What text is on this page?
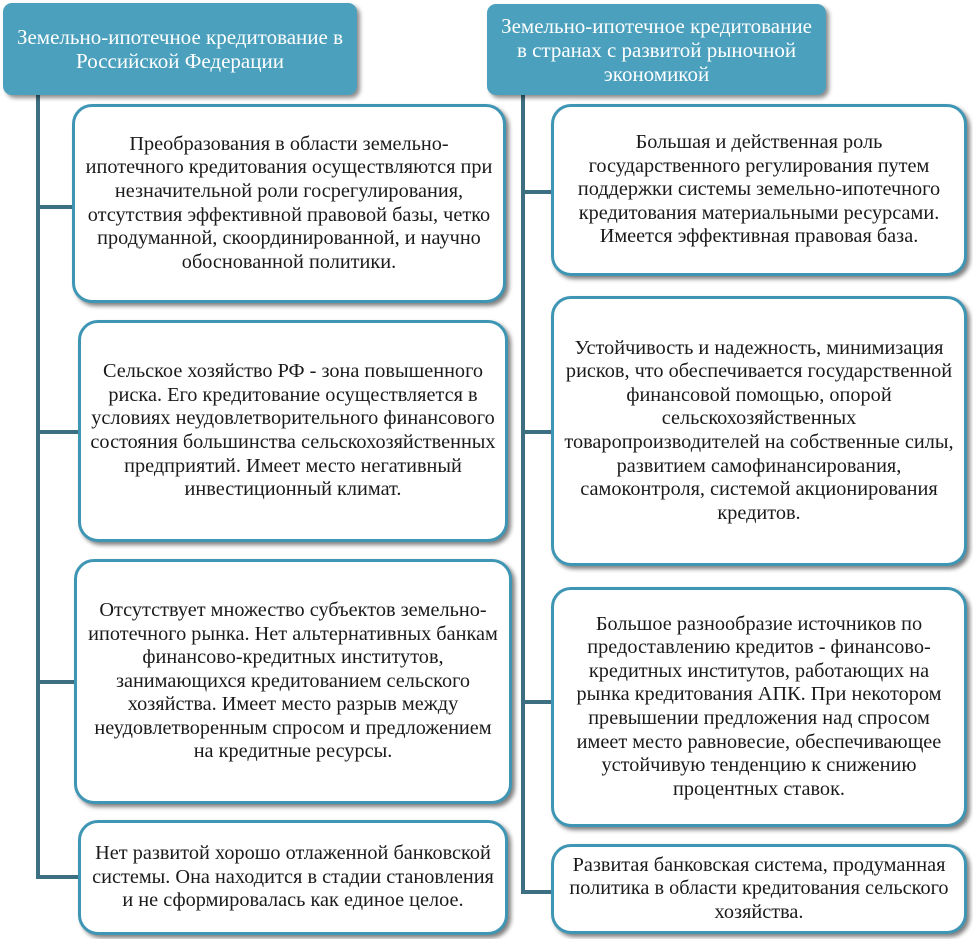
Земельно-ипотечное кредитование в Российской Федерации
Земельно-ипотечное кредитование в странах с развитой рыночной экономикой
Преобразования в области земельно-ипотечного кредитования осуществляются при незначительной роли госрегулирования, отсутствия эффективной правовой базы, четко продуманной, скоординированной, и научно обоснованной политики.
Сельское хозяйство РФ - зона повышенного риска. Его кредитование осуществляется в условиях неудовлетворительного финансового состояния большинства сельскохозяйственных предприятий. Имеет место негативный инвестиционный климат.
Отсутствует множество субъектов земельно-ипотечного рынка. Нет альтернативных банкам финансово-кредитных институтов, занимающихся кредитованием сельского хозяйства. Имеет место разрыв между неудовлетворенным спросом и предложением на кредитные ресурсы.
Нет развитой хорошо отлаженной банковской системы. Она находится в стадии становления и не сформировалась как единое целое.
Большая и действенная роль государственного регулирования путем поддержки системы земельно-ипотечного кредитования материальными ресурсами. Имеется эффективная правовая база.
Устойчивость и надежность, минимизация рисков, что обеспечивается государственной финансовой помощью, опорой сельскохозяйственных товаропроизводителей на собственные силы, развитием самофинансирования, самоконтроля, системой акционирования кредитов.
Большое разнообразие источников по предоставлению кредитов - финансово-кредитных институтов, работающих на рынка кредитования АПК. При некотором превышении предложения над спросом имеет место равновесие, обеспечивающее устойчивую тенденцию к снижению процентных ставок.
Развитая банковская система, продуманная политика в области кредитования сельского хозяйства.
